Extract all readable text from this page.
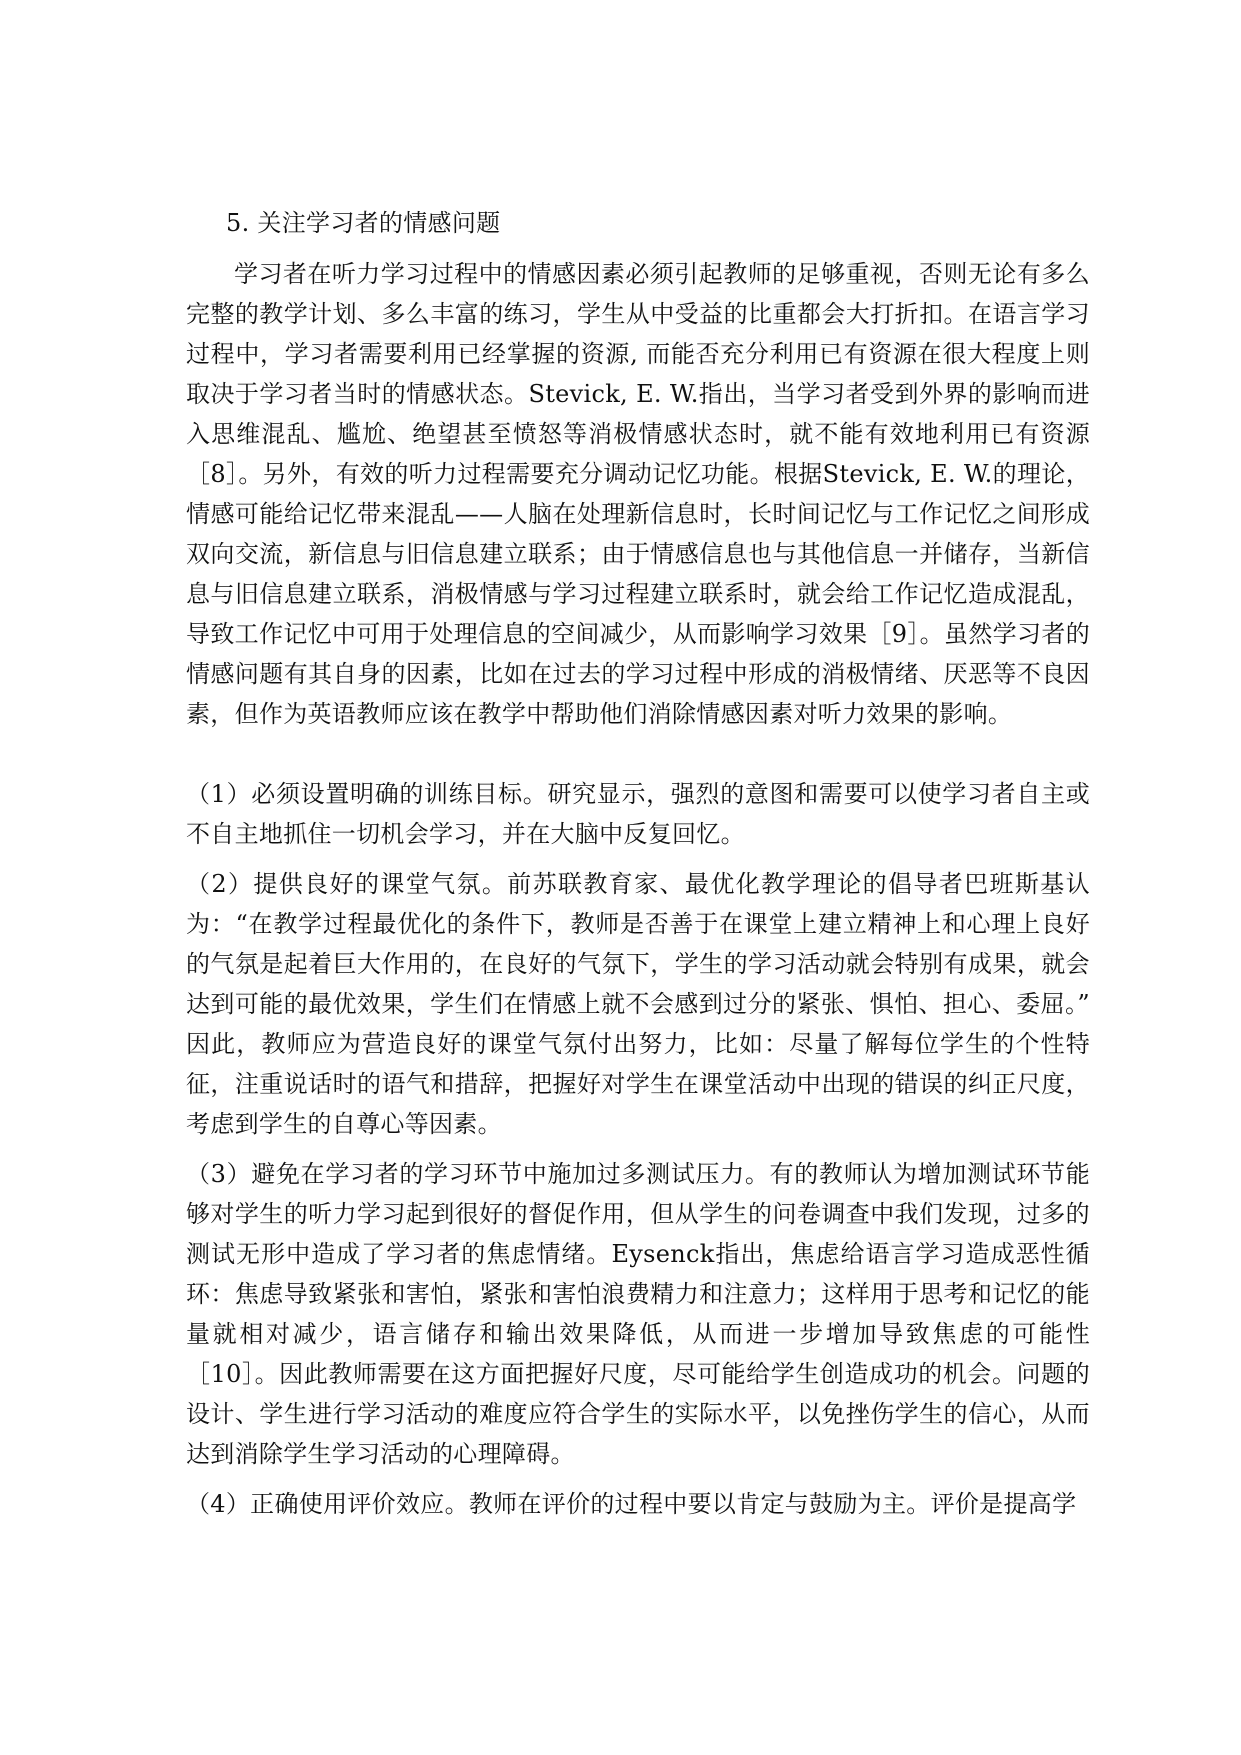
5. 关注学习者的情感问题

学习者在听力学习过程中的情感因素必须引起教师的足够重视，否则无论有多么完整的教学计划、多么丰富的练习，学生从中受益的比重都会大打折扣。在语言学习过程中，学习者需要利用已经掌握的资源, 而能否充分利用已有资源在很大程度上则取决于学习者当时的情感状态。Stevick, E. W.指出，当学习者受到外界的影响而进入思维混乱、尴尬、绝望甚至愤怒等消极情感状态时，就不能有效地利用已有资源［8］。另外，有效的听力过程需要充分调动记忆功能。根据Stevick, E. W.的理论，情感可能给记忆带来混乱——人脑在处理新信息时，长时间记忆与工作记忆之间形成双向交流，新信息与旧信息建立联系；由于情感信息也与其他信息一并储存，当新信息与旧信息建立联系，消极情感与学习过程建立联系时，就会给工作记忆造成混乱，导致工作记忆中可用于处理信息的空间减少，从而影响学习效果［9］。虽然学习者的情感问题有其自身的因素，比如在过去的学习过程中形成的消极情绪、厌恶等不良因素，但作为英语教师应该在教学中帮助他们消除情感因素对听力效果的影响。

（1）必须设置明确的训练目标。研究显示，强烈的意图和需要可以使学习者自主或不自主地抓住一切机会学习，并在大脑中反复回忆。

（2）提供良好的课堂气氛。前苏联教育家、最优化教学理论的倡导者巴班斯基认为：“在教学过程最优化的条件下，教师是否善于在课堂上建立精神上和心理上良好的气氛是起着巨大作用的，在良好的气氛下，学生的学习活动就会特别有成果，就会达到可能的最优效果，学生们在情感上就不会感到过分的紧张、惧怕、担心、委屈。” 因此，教师应为营造良好的课堂气氛付出努力，比如：尽量了解每位学生的个性特征，注重说话时的语气和措辞，把握好对学生在课堂活动中出现的错误的纠正尺度，考虑到学生的自尊心等因素。

（3）避免在学习者的学习环节中施加过多测试压力。有的教师认为增加测试环节能够对学生的听力学习起到很好的督促作用，但从学生的问卷调查中我们发现，过多的测试无形中造成了学习者的焦虑情绪。Eysenck指出，焦虑给语言学习造成恶性循环：焦虑导致紧张和害怕，紧张和害怕浪费精力和注意力；这样用于思考和记忆的能量就相对减少，语言储存和输出效果降低，从而进一步增加导致焦虑的可能性［10］。因此教师需要在这方面把握好尺度，尽可能给学生创造成功的机会。问题的设计、学生进行学习活动的难度应符合学生的实际水平，以免挫伤学生的信心，从而达到消除学生学习活动的心理障碍。

（4）正确使用评价效应。教师在评价的过程中要以肯定与鼓励为主。评价是提高学
